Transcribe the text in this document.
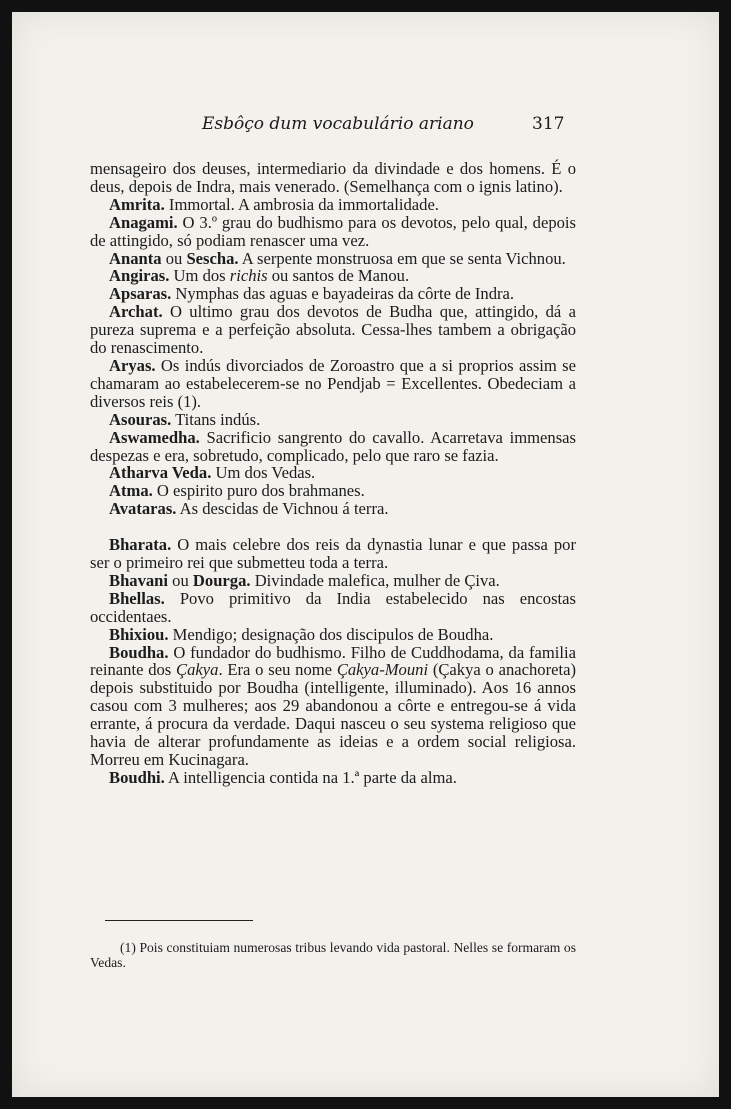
Esbôço dum vocabulário ariano	317

mensageiro dos deuses, intermediario da divindade e dos homens. É o deus, depois de Indra, mais venerado. (Semelhança com o ignis latino).

Amrita. Immortal. A ambrosia da immortalidade.

Anagami. O 3.º grau do budhismo para os devotos, pelo qual, depois de attingido, só podiam renascer uma vez.

Ananta ou Sescha. A serpente monstruosa em que se senta Vichnou.

Angiras. Um dos richis ou santos de Manou.

Apsaras. Nymphas das aguas e bayadeiras da côrte de Indra.

Archat. O ultimo grau dos devotos de Budha que, attingido, dá a pureza suprema e a perfeição absoluta. Cessa-lhes tambem a obrigação do renascimento.

Aryas. Os indús divorciados de Zoroastro que a si proprios assim se chamaram ao estabelecerem-se no Pendjab = Excellentes. Obedeciam a diversos reis (1).

Asouras. Titans indús.

Aswamedha. Sacrificio sangrento do cavallo. Acarretava immensas despezas e era, sobretudo, complicado, pelo que raro se fazia.

Atharva Veda. Um dos Vedas.

Atma. O espirito puro dos brahmanes.

Avataras. As descidas de Vichnou á terra.

Bharata. O mais celebre dos reis da dynastia lunar e que passa por ser o primeiro rei que submetteu toda a terra.

Bhavani ou Dourga. Divindade malefica, mulher de Çiva.

Bhellas. Povo primitivo da India estabelecido nas encostas occidentaes.

Bhixiou. Mendigo; designação dos discipulos de Boudha.

Boudha. O fundador do budhismo. Filho de Cuddhodama, da familia reinante dos Çakya. Era o seu nome Çakya-Mouni (Çakya o anachoreta) depois substituido por Boudha (intelligente, illuminado). Aos 16 annos casou com 3 mulheres; aos 29 abandonou a côrte e entregou-se á vida errante, á procura da verdade. Daqui nasceu o seu systema religioso que havia de alterar profundamente as ideias e a ordem social religiosa. Morreu em Kucinagara.

Boudhi. A intelligencia contida na 1.ª parte da alma.

(1) Pois constituiam numerosas tribus levando vida pastoral. Nelles se formaram os Vedas.
